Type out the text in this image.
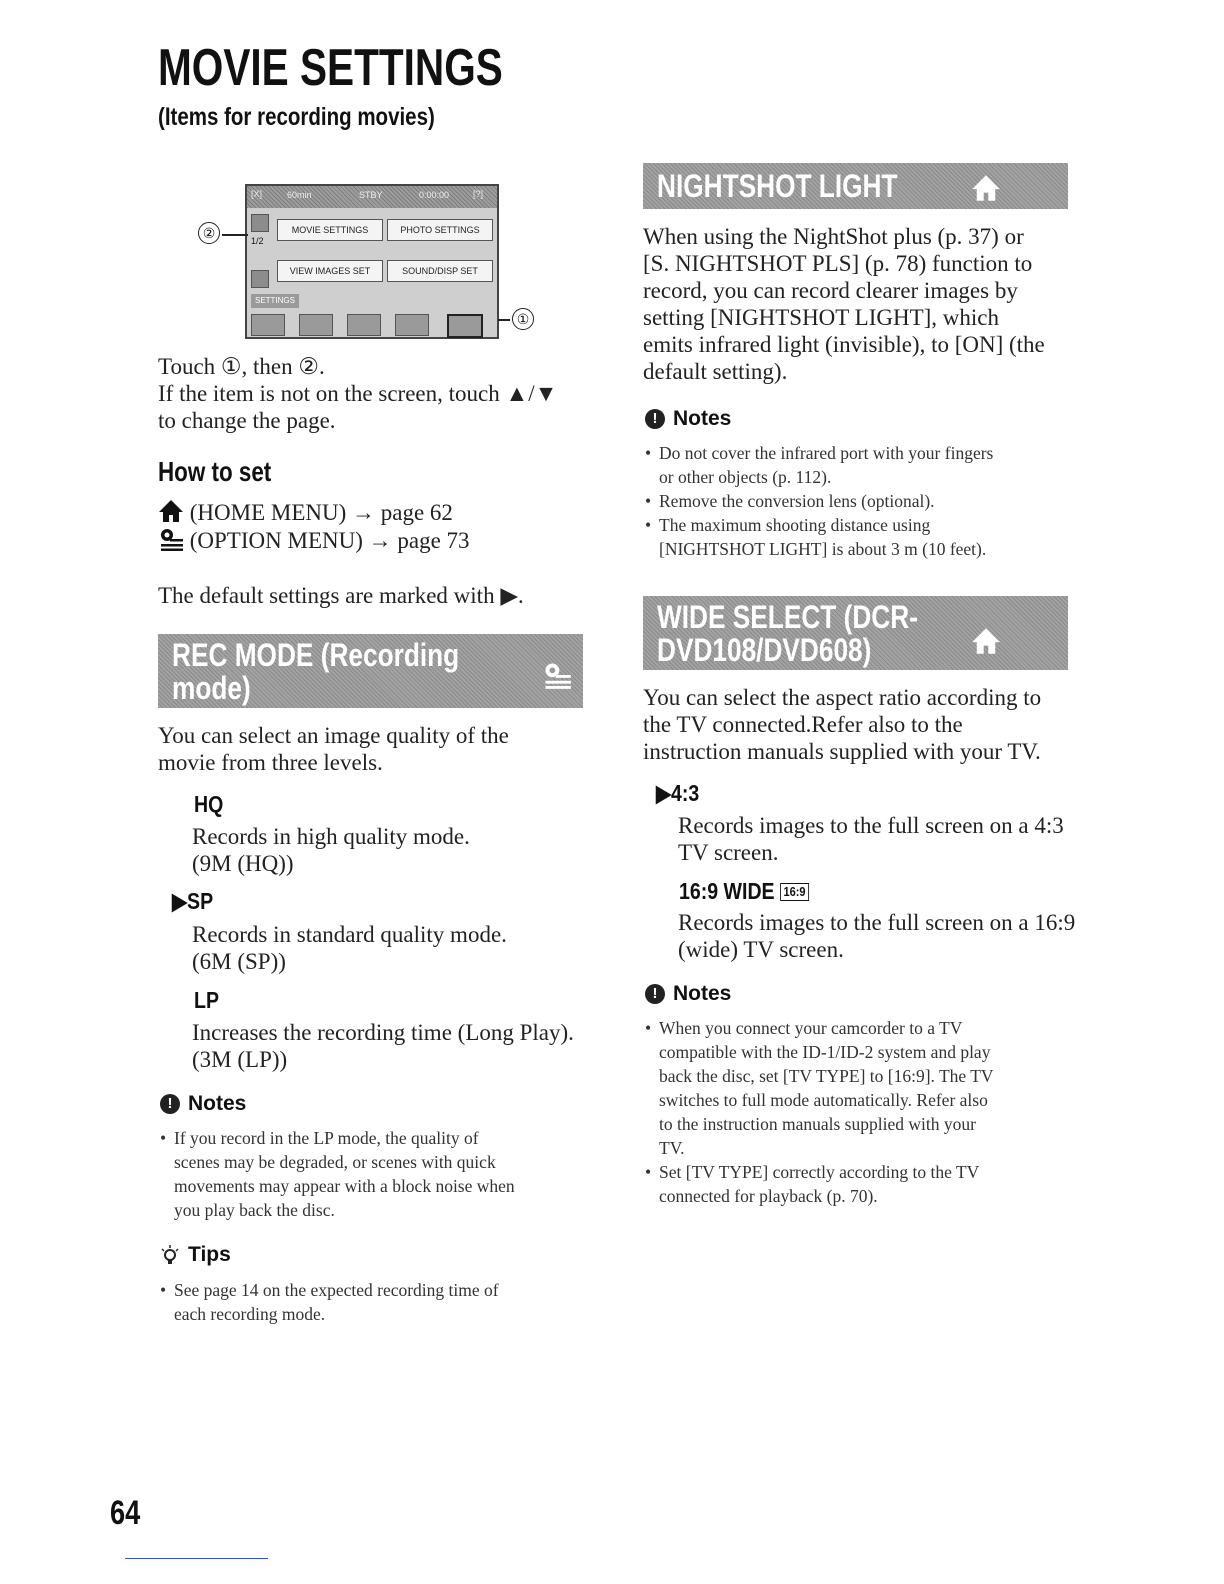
MOVIE SETTINGS
(Items for recording movies)
[X]	60min	STBY	0:00:00	[?]
1/2
MOVIE SETTINGS	PHOTO SETTINGS
VIEW IMAGES SET	SOUND/DISP SET
SETTINGS
②
①
Touch ①, then ②.
If the item is not on the screen, touch ▲/▼
to change the page.
How to set
(HOME MENU) → page 62
(OPTION MENU) → page 73
The default settings are marked with ▶.
REC MODE (Recording
mode)
You can select an image quality of the
movie from three levels.
HQ
Records in high quality mode.
(9M (HQ))
▶SP
Records in standard quality mode.
(6M (SP))
LP
Increases the recording time (Long Play).
(3M (LP))
! Notes
• If you record in the LP mode, the quality of
scenes may be degraded, or scenes with quick
movements may appear with a block noise when
you play back the disc.
Tips
• See page 14 on the expected recording time of
each recording mode.
NIGHTSHOT LIGHT
When using the NightShot plus (p. 37) or
[S. NIGHTSHOT PLS] (p. 78) function to
record, you can record clearer images by
setting [NIGHTSHOT LIGHT], which
emits infrared light (invisible), to [ON] (the
default setting).
! Notes
• Do not cover the infrared port with your fingers
or other objects (p. 112).
• Remove the conversion lens (optional).
• The maximum shooting distance using
[NIGHTSHOT LIGHT] is about 3 m (10 feet).
WIDE SELECT (DCR-
DVD108/DVD608)
You can select the aspect ratio according to
the TV connected.Refer also to the
instruction manuals supplied with your TV.
▶4:3
Records images to the full screen on a 4:3
TV screen.
16:9 WIDE 16:9
Records images to the full screen on a 16:9
(wide) TV screen.
! Notes
• When you connect your camcorder to a TV
compatible with the ID-1/ID-2 system and play
back the disc, set [TV TYPE] to [16:9]. The TV
switches to full mode automatically. Refer also
to the instruction manuals supplied with your
TV.
• Set [TV TYPE] correctly according to the TV
connected for playback (p. 70).
64
